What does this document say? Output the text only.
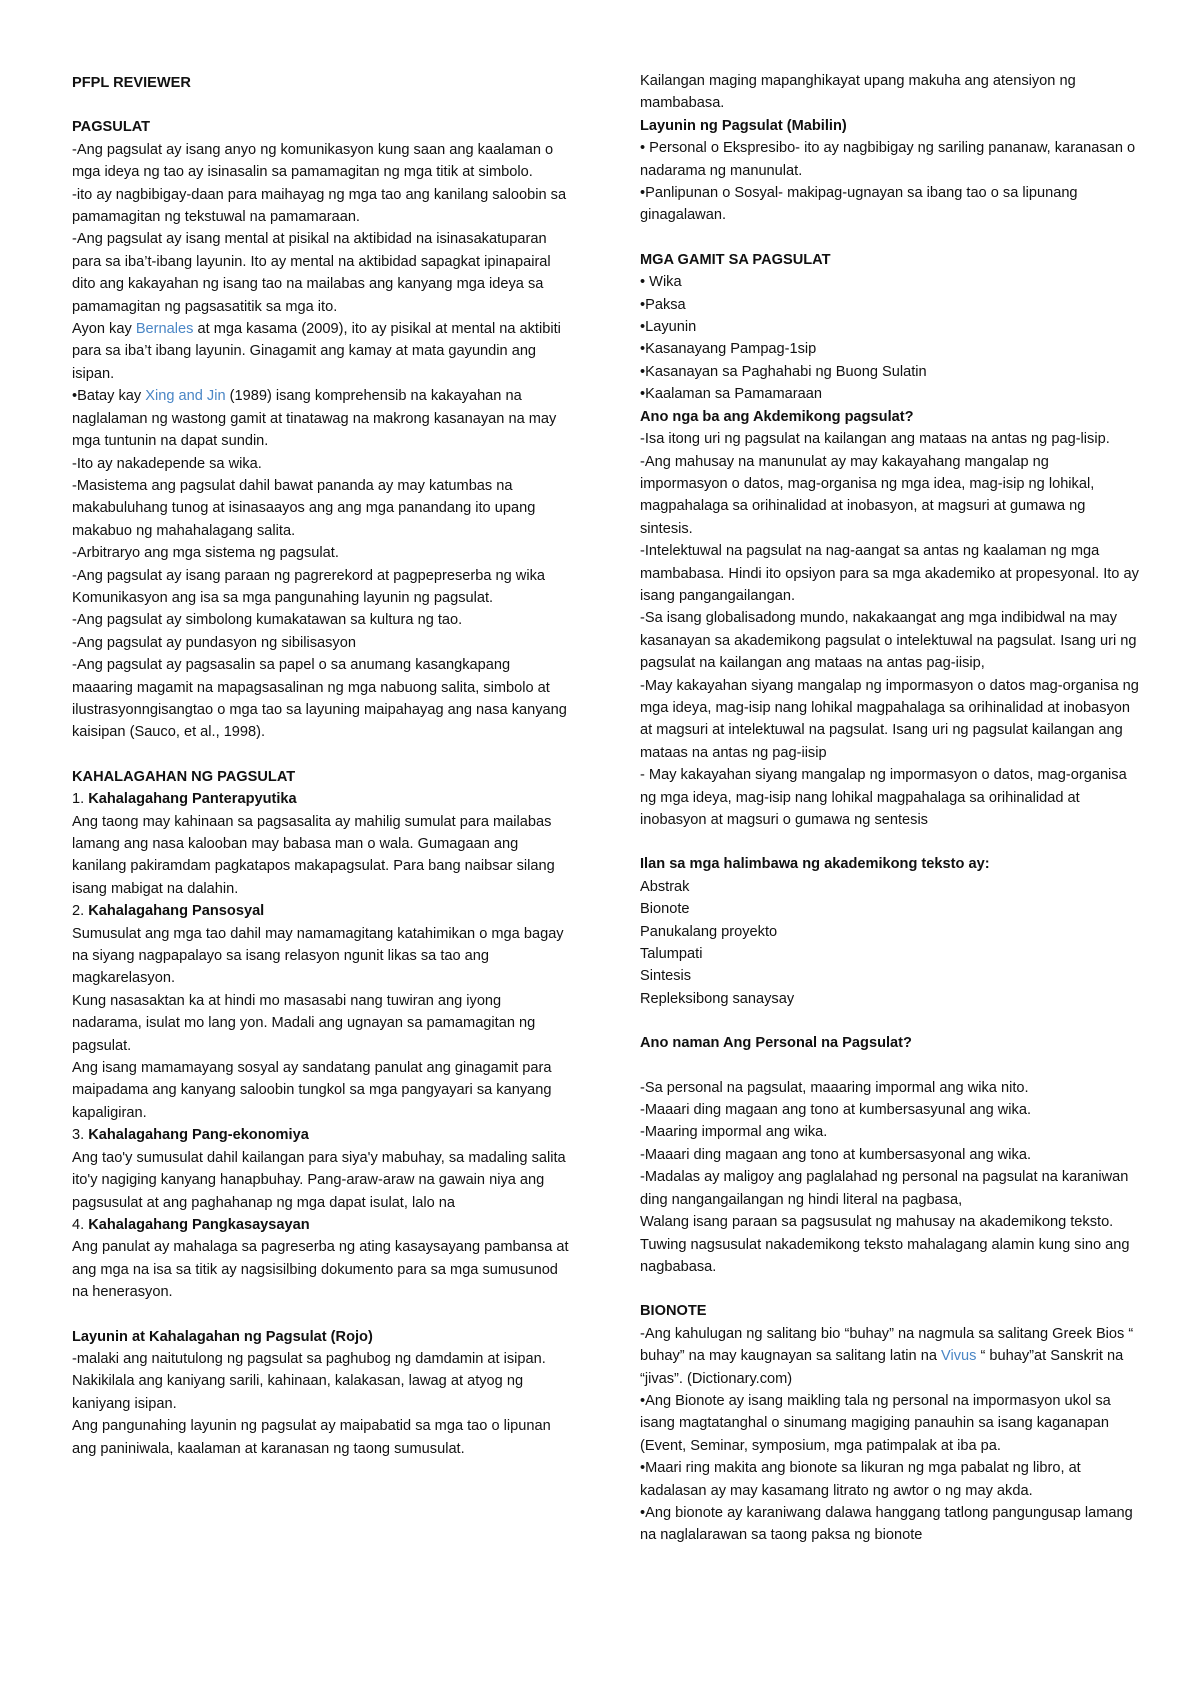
PFPL REVIEWER

PAGSULAT

-Ang pagsulat ay isang anyo ng komunikasyon kung saan ang kaalaman o mga ideya ng tao ay isinasalin sa pamamagitan ng mga titik at simbolo.

-ito ay nagbibigay-daan para maihayag ng mga tao ang kanilang saloobin sa pamamagitan ng tekstuwal na pamamaraan.

-Ang pagsulat ay isang mental at pisikal na aktibidad na isinasakatuparan para sa iba’t-ibang layunin. Ito ay mental na aktibidad sapagkat ipinapairal dito ang kakayahan ng isang tao na mailabas ang kanyang mga ideya sa pamamagitan ng pagsasatitik sa mga ito.

Ayon kay Bernales at mga kasama (2009), ito ay pisikal at mental na aktibiti para sa iba’t ibang layunin. Ginagamit ang kamay at mata gayundin ang isipan.

•Batay kay Xing and Jin (1989) isang komprehensib na kakayahan na naglalaman ng wastong gamit at tinatawag na makrong kasanayan na may mga tuntunin na dapat sundin.

-Ito ay nakadepende sa wika.

-Masistema ang pagsulat dahil bawat pananda ay may katumbas na makabuluhang tunog at isinasaayos ang ang mga panandang ito upang makabuo ng mahahalagang salita.

-Arbitraryo ang mga sistema ng pagsulat.

-Ang pagsulat ay isang paraan ng pagrerekord at pagpepreserba ng wika

Komunikasyon ang isa sa mga pangunahing layunin ng pagsulat.

-Ang pagsulat ay simbolong kumakatawan sa kultura ng tao.

-Ang pagsulat ay pundasyon ng sibilisasyon

-Ang pagsulat ay pagsasalin sa papel o sa anumang kasangkapang maaaring magamit na mapagsasalinan ng mga nabuong salita, simbolo at ilustrasyonngisangtao o mga tao sa layuning maipahayag ang nasa kanyang kaisipan (Sauco, et al., 1998).

KAHALAGAHAN NG PAGSULAT

1. Kahalagahang Panterapyutika

Ang taong may kahinaan sa pagsasalita ay mahilig sumulat para mailabas lamang ang nasa kalooban may babasa man o wala. Gumagaan ang kanilang pakiramdam pagkatapos makapagsulat. Para bang naibsar silang isang mabigat na dalahin.

2. Kahalagahang Pansosyal

Sumusulat ang mga tao dahil may namamagitang katahimikan o mga bagay na siyang nagpapalayo sa isang relasyon ngunit likas sa tao ang magkarelasyon.

Kung nasasaktan ka at hindi mo masasabi nang tuwiran ang iyong nadarama, isulat mo lang yon. Madali ang ugnayan sa pamamagitan ng pagsulat.

Ang isang mamamayang sosyal ay sandatang panulat ang ginagamit para maipadama ang kanyang saloobin tungkol sa mga pangyayari sa kanyang kapaligiran.

3. Kahalagahang Pang-ekonomiya

Ang tao'y sumusulat dahil kailangan para siya'y mabuhay, sa madaling salita ito'y nagiging kanyang hanapbuhay. Pang-araw-araw na gawain niya ang pagsusulat at ang paghahanap ng mga dapat isulat, lalo na

4. Kahalagahang Pangkasaysayan

Ang panulat ay mahalaga sa pagreserba ng ating kasaysayang pambansa at ang mga na isa sa titik ay nagsisilbing dokumento para sa mga sumusunod na henerasyon.

Layunin at Kahalagahan ng Pagsulat (Rojo)

-malaki ang naitutulong ng pagsulat sa paghubog ng damdamin at isipan.

Nakikilala ang kaniyang sarili, kahinaan, kalakasan, lawag at atyog ng kaniyang isipan.

Ang pangunahing layunin ng pagsulat ay maipabatid sa mga tao o lipunan ang paniniwala, kaalaman at karanasan ng taong sumusulat.

Kailangan maging mapanghikayat upang makuha ang atensiyon ng mambabasa.

Layunin ng Pagsulat (Mabilin)

• Personal o Ekspresibo- ito ay nagbibigay ng sariling pananaw, karanasan o nadarama ng manunulat.

•Panlipunan o Sosyal- makipag-ugnayan sa ibang tao o sa lipunang ginagalawan.

MGA GAMIT SA PAGSULAT

• Wika

•Paksa

•Layunin

•Kasanayang Pampag-1sip

•Kasanayan sa Paghahabi ng Buong Sulatin

•Kaalaman sa Pamamaraan

Ano nga ba ang Akdemikong pagsulat?

-Isa itong uri ng pagsulat na kailangan ang mataas na antas ng pag-lisip.

-Ang mahusay na manunulat ay may kakayahang mangalap ng impormasyon o datos, mag-organisa ng mga idea, mag-isip ng lohikal, magpahalaga sa orihinalidad at inobasyon, at magsuri at gumawa ng sintesis.

-Intelektuwal na pagsulat na nag-aangat sa antas ng kaalaman ng mga mambabasa. Hindi ito opsiyon para sa mga akademiko at propesyonal. Ito ay isang pangangailangan.

-Sa isang globalisadong mundo, nakakaangat ang mga indibidwal na may kasanayan sa akademikong pagsulat o intelektuwal na pagsulat. Isang uri ng pagsulat na kailangan ang mataas na antas pag-iisip,

-May kakayahan siyang mangalap ng impormasyon o datos mag-organisa ng mga ideya, mag-isip nang lohikal magpahalaga sa orihinalidad at inobasyon at magsuri at intelektuwal na pagsulat. Isang uri ng pagsulat kailangan ang mataas na antas ng pag-iisip

- May kakayahan siyang mangalap ng impormasyon o datos, mag-organisa ng mga ideya, mag-isip nang lohikal magpahalaga sa orihinalidad at inobasyon at magsuri o gumawa ng sentesis

Ilan sa mga halimbawa ng akademikong teksto ay:

Abstrak

Bionote

Panukalang proyekto

Talumpati

Sintesis

Repleksibong sanaysay

Ano naman Ang Personal na Pagsulat?

-Sa personal na pagsulat, maaaring impormal ang wika nito.

-Maaari ding magaan ang tono at kumbersasyunal ang wika.

-Maaring impormal ang wika.

-Maaari ding magaan ang tono at kumbersasyonal ang wika.

-Madalas ay maligoy ang paglalahad ng personal na pagsulat na karaniwan ding nangangailangan ng hindi literal na pagbasa,

Walang isang paraan sa pagsusulat ng mahusay na akademikong teksto. Tuwing nagsusulat nakademikong teksto mahalagang alamin kung sino ang nagbabasa.

BIONOTE

-Ang kahulugan ng salitang bio “buhay” na nagmula sa salitang Greek Bios “ buhay” na may kaugnayan sa salitang latin na Vivus “ buhay”at Sanskrit na “jivas”. (Dictionary.com)

•Ang Bionote ay isang maikling tala ng personal na impormasyon ukol sa isang magtatanghal o sinumang magiging panauhin sa isang kaganapan (Event, Seminar, symposium, mga patimpalak at iba pa.

•Maari ring makita ang bionote sa likuran ng mga pabalat ng libro, at kadalasan ay may kasamang litrato ng awtor o ng may akda.

•Ang bionote ay karaniwang dalawa hanggang tatlong pangungusap lamang na naglalarawan sa taong paksa ng bionote
